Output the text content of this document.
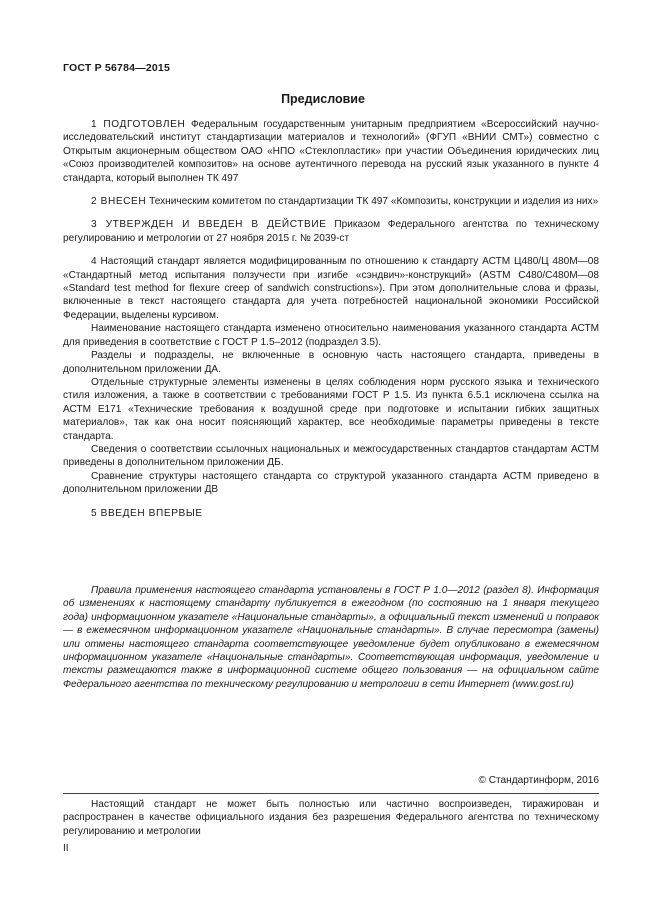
ГОСТ Р 56784—2015
Предисловие

1 ПОДГОТОВЛЕН Федеральным государственным унитарным предприятием «Всероссийский научно-исследовательский институт стандартизации материалов и технологий» (ФГУП «ВНИИ СМТ») совместно с Открытым акционерным обществом ОАО «НПО «Стеклопластик» при участии Объединения юридических лиц «Союз производителей композитов» на основе аутентичного перевода на русский язык указанного в пункте 4 стандарта, который выполнен ТК 497

2 ВНЕСЕН Техническим комитетом по стандартизации ТК 497 «Композиты, конструкции и изделия из них»

3 УТВЕРЖДЕН И ВВЕДЕН В ДЕЙСТВИЕ Приказом Федерального агентства по техническому регулированию и метрологии от 27 ноября 2015 г. № 2039-ст

4 Настоящий стандарт является модифицированным по отношению к стандарту АСТМ Ц480/Ц 480М—08 «Стандартный метод испытания ползучести при изгибе «сэндвич»-конструкций» (ASTM C480/C480M—08 «Standard test method for flexure creep of sandwich constructions»). При этом дополнительные слова и фразы, включенные в текст настоящего стандарта для учета потребностей национальной экономики Российской Федерации, выделены курсивом.

Наименование настоящего стандарта изменено относительно наименования указанного стандарта АСТМ для приведения в соответствие с ГОСТ Р 1.5–2012 (подраздел 3.5).

Разделы и подразделы, не включенные в основную часть настоящего стандарта, приведены в дополнительном приложении ДА.

Отдельные структурные элементы изменены в целях соблюдения норм русского языка и технического стиля изложения, а также в соответствии с требованиями ГОСТ Р 1.5. Из пункта 6.5.1 исключена ссылка на АСТМ Е171 «Технические требования к воздушной среде при подготовке и испытании гибких защитных материалов», так как она носит поясняющий характер, все необходимые параметры приведены в тексте стандарта.

Сведения о соответствии ссылочных национальных и межгосударственных стандартов стандартам АСТМ приведены в дополнительном приложении ДБ.

Сравнение структуры настоящего стандарта со структурой указанного стандарта АСТМ приведено в дополнительном приложении ДВ

5 ВВЕДЕН ВПЕРВЫЕ

Правила применения настоящего стандарта установлены в ГОСТ Р 1.0—2012 (раздел 8). Информация об изменениях к настоящему стандарту публикуется в ежегодном (по состоянию на 1 января текущего года) информационном указателе «Национальные стандарты», а официальный текст изменений и поправок — в ежемесячном информационном указателе «Национальные стандарты». В случае пересмотра (замены) или отмены настоящего стандарта соответствующее уведомление будет опубликовано в ежемесячном информационном указателе «Национальные стандарты». Соответствующая информация, уведомление и тексты размещаются также в информационной системе общего пользования — на официальном сайте Федерального агентства по техническому регулированию и метрологии в сети Интернет (www.gost.ru)
© Стандартинформ, 2016
Настоящий стандарт не может быть полностью или частично воспроизведен, тиражирован и распространен в качестве официального издания без разрешения Федерального агентства по техническому регулированию и метрологии
II
